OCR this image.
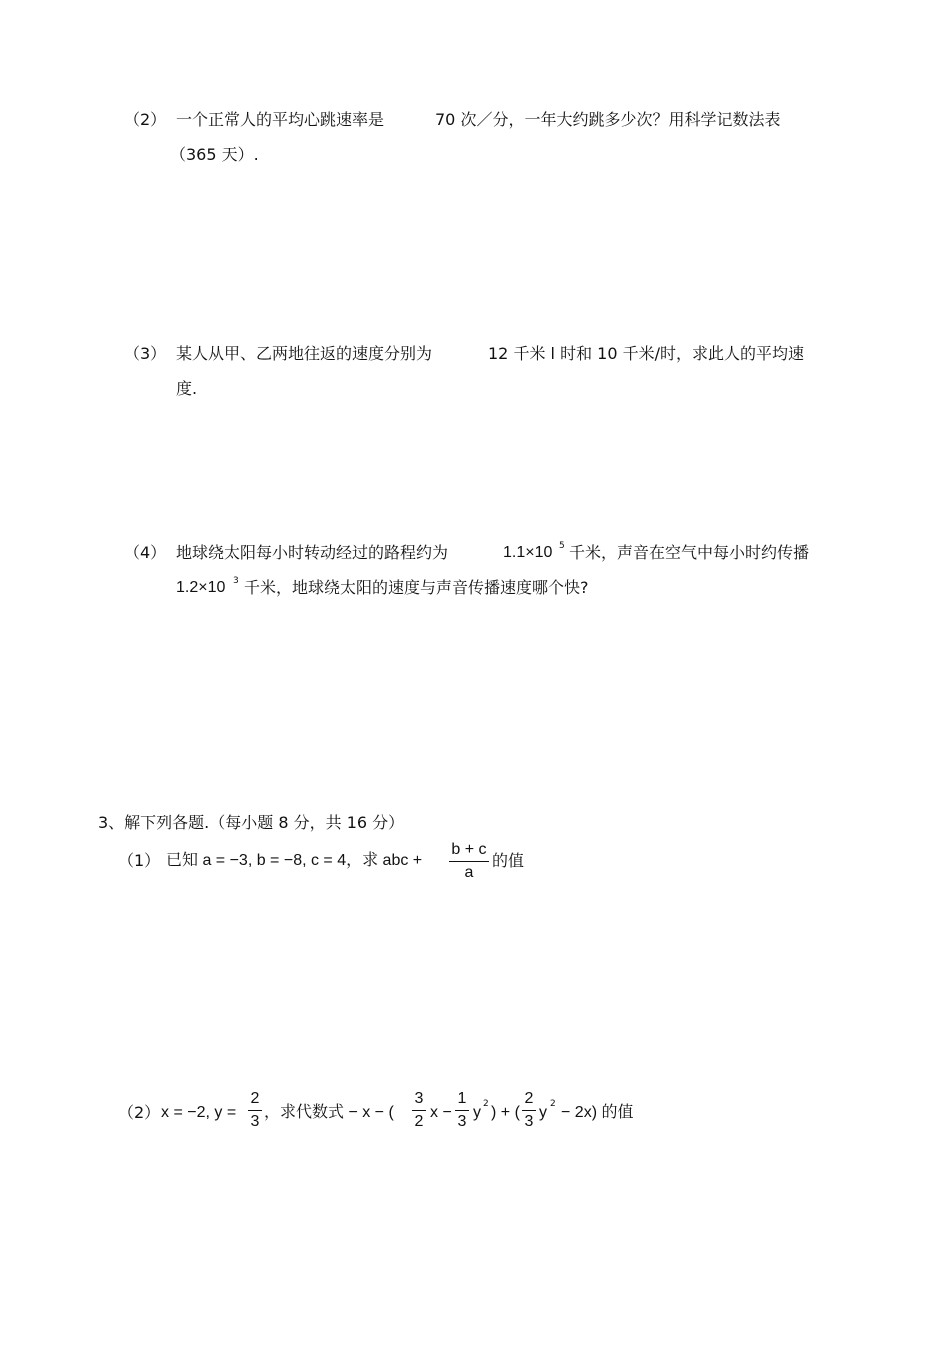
（2） 一个正常人的平均心跳速率是	70 次／分，一年大约跳多少次？用科学记数法表
（365 天）.
（3） 某人从甲、乙两地往返的速度分别为	12 千米 l 时和 10 千米/时，求此人的平均速
度.
（4） 地球绕太阳每小时转动经过的路程约为	1.1×10 5 千米，声音在空气中每小时约传播
1.2×10 3 千米，地球绕太阳的速度与声音传播速度哪个快?
3、解下列各题.（每小题 8 分，共 16 分）
（1） 已知 a = −3, b = −8, c = 4，求 abc +
b + c
a
的值
（2） x = −2, y =
2
3
，求代数式 − x − (
3
2
x −
1
3
y 2 ) + (
2
3
y 2 − 2x) 的值
